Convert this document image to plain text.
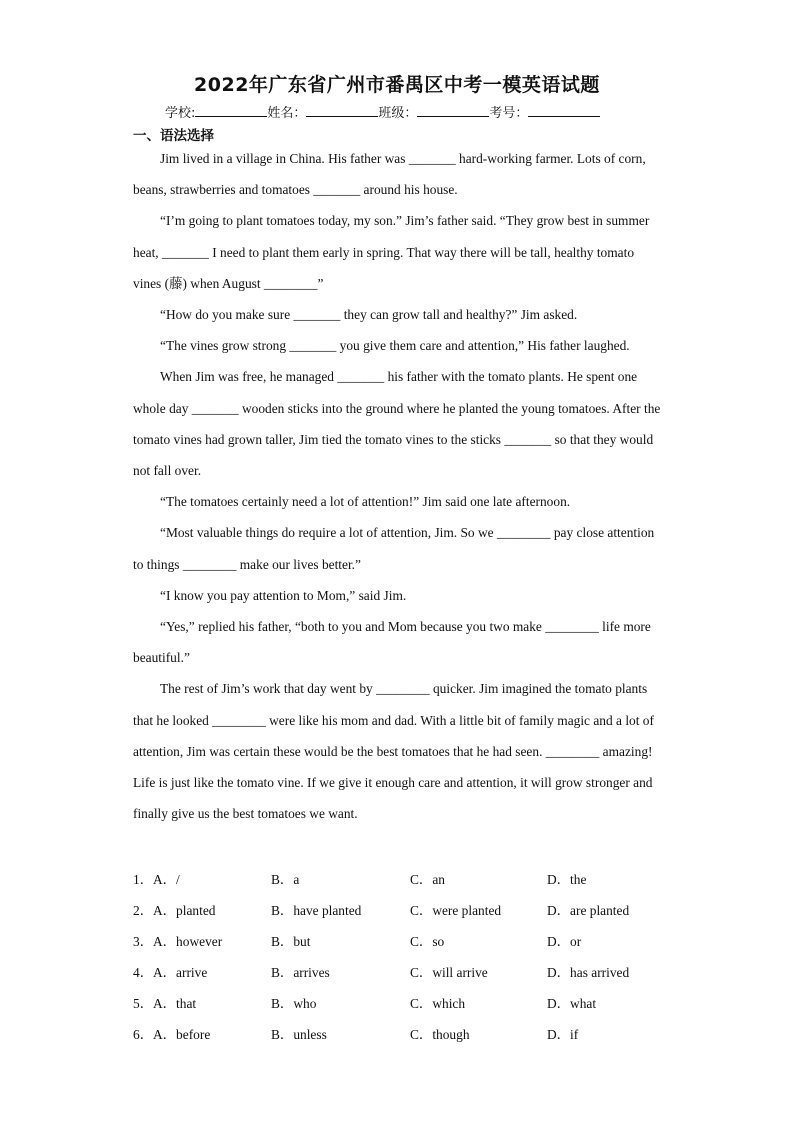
2022年广东省广州市番禺区中考一模英语试题
学校:	姓名：	班级：	考号：
一、语法选择

Jim lived in a village in China. His father was _______ hard-working farmer. Lots of corn, beans, strawberries and tomatoes _______ around his house.

“I’m going to plant tomatoes today, my son.” Jim’s father said. “They grow best in summer heat, _______ I need to plant them early in spring. That way there will be tall, healthy tomato vines (藤) when August ________”

“How do you make sure _______ they can grow tall and healthy?” Jim asked.

“The vines grow strong _______ you give them care and attention,” His father laughed.

When Jim was free, he managed _______ his father with the tomato plants. He spent one whole day _______ wooden sticks into the ground where he planted the young tomatoes. After the tomato vines had grown taller, Jim tied the tomato vines to the sticks _______ so that they would not fall over.

“The tomatoes certainly need a lot of attention!” Jim said one late afternoon.

“Most valuable things do require a lot of attention, Jim. So we ________ pay close attention to things ________ make our lives better.”

“I know you pay attention to Mom,” said Jim.

“Yes,” replied his father, “both to you and Mom because you two make ________ life more beautiful.”

The rest of Jim’s work that day went by ________ quicker. Jim imagined the tomato plants that he looked ________ were like his mom and dad. With a little bit of family magic and a lot of attention, Jim was certain these would be the best tomatoes that he had seen. ________ amazing!

Life is just like the tomato vine. If we give it enough care and attention, it will grow stronger and finally give us the best tomatoes we want.

1． A．/	B．a	C．an	D．the
2． A．planted	B．have planted	C．were planted	D．are planted
3． A．however	B．but	C．so	D．or
4． A．arrive	B．arrives	C．will arrive	D．has arrived
5． A．that	B．who	C．which	D．what
6． A．before	B．unless	C．though	D．if
